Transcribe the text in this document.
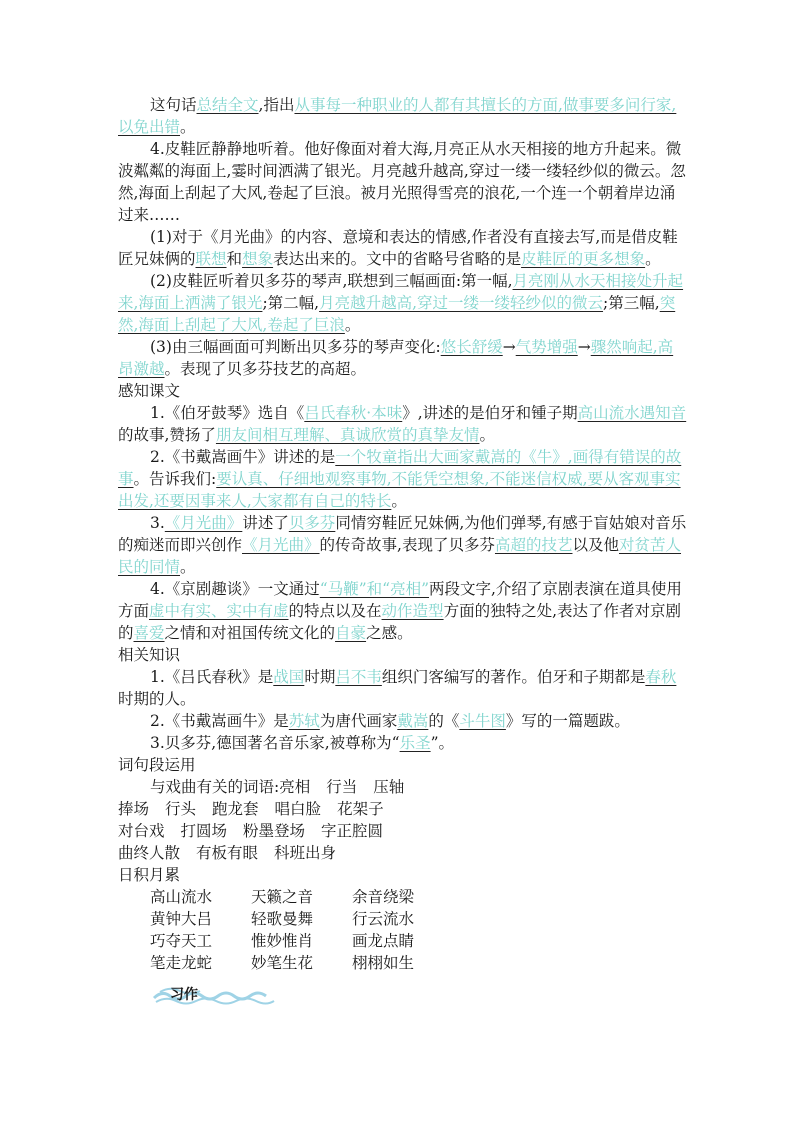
这句话总结全文,指出从事每一种职业的人都有其擅长的方面,做事要多问行家,以免出错。

4.皮鞋匠静静地听着。他好像面对着大海,月亮正从水天相接的地方升起来。微波粼粼的海面上,霎时间洒满了银光。月亮越升越高,穿过一缕一缕轻纱似的微云。忽然,海面上刮起了大风,卷起了巨浪。被月光照得雪亮的浪花,一个连一个朝着岸边涌过来……

(1)对于《月光曲》的内容、意境和表达的情感,作者没有直接去写,而是借皮鞋匠兄妹俩的联想和想象表达出来的。文中的省略号省略的是皮鞋匠的更多想象。

(2)皮鞋匠听着贝多芬的琴声,联想到三幅画面:第一幅,月亮刚从水天相接处升起来,海面上洒满了银光;第二幅,月亮越升越高,穿过一缕一缕轻纱似的微云;第三幅,突然,海面上刮起了大风,卷起了巨浪。

(3)由三幅画面可判断出贝多芬的琴声变化:悠长舒缓→气势增强→骤然响起,高昂激越。表现了贝多芬技艺的高超。

感知课文

1.《伯牙鼓琴》选自《吕氏春秋·本味》,讲述的是伯牙和锺子期高山流水遇知音的故事,赞扬了朋友间相互理解、真诚欣赏的真挚友情。

2.《书戴嵩画牛》讲述的是一个牧童指出大画家戴嵩的《牛》,画得有错误的故事。告诉我们:要认真、仔细地观察事物,不能凭空想象,不能迷信权威,要从客观事实出发,还要因事来人,大家都有自己的特长。

3.《月光曲》讲述了贝多芬同情穷鞋匠兄妹俩,为他们弹琴,有感于盲姑娘对音乐的痴迷而即兴创作《月光曲》的传奇故事,表现了贝多芬高超的技艺以及他对贫苦人民的同情。

4.《京剧趣谈》一文通过“马鞭”和“亮相”两段文字,介绍了京剧表演在道具使用方面虚中有实、实中有虚的特点以及在动作造型方面的独特之处,表达了作者对京剧的喜爱之情和对祖国传统文化的自豪之感。

相关知识

1.《吕氏春秋》是战国时期吕不韦组织门客编写的著作。伯牙和子期都是春秋时期的人。

2.《书戴嵩画牛》是苏轼为唐代画家戴嵩的《斗牛图》写的一篇题跋。

3.贝多芬,德国著名音乐家,被尊称为“乐圣”。

词句段运用

与戏曲有关的词语:亮相 行当 压轴

捧场 行头 跑龙套 唱白脸 花架子

对台戏 打圆场 粉墨登场 字正腔圆

曲终人散 有板有眼 科班出身

日积月累

高山流水	天籁之音	余音绕梁

黄钟大吕	轻歌曼舞	行云流水

巧夺天工	惟妙惟肖	画龙点睛

笔走龙蛇	妙笔生花	栩栩如生

习作
